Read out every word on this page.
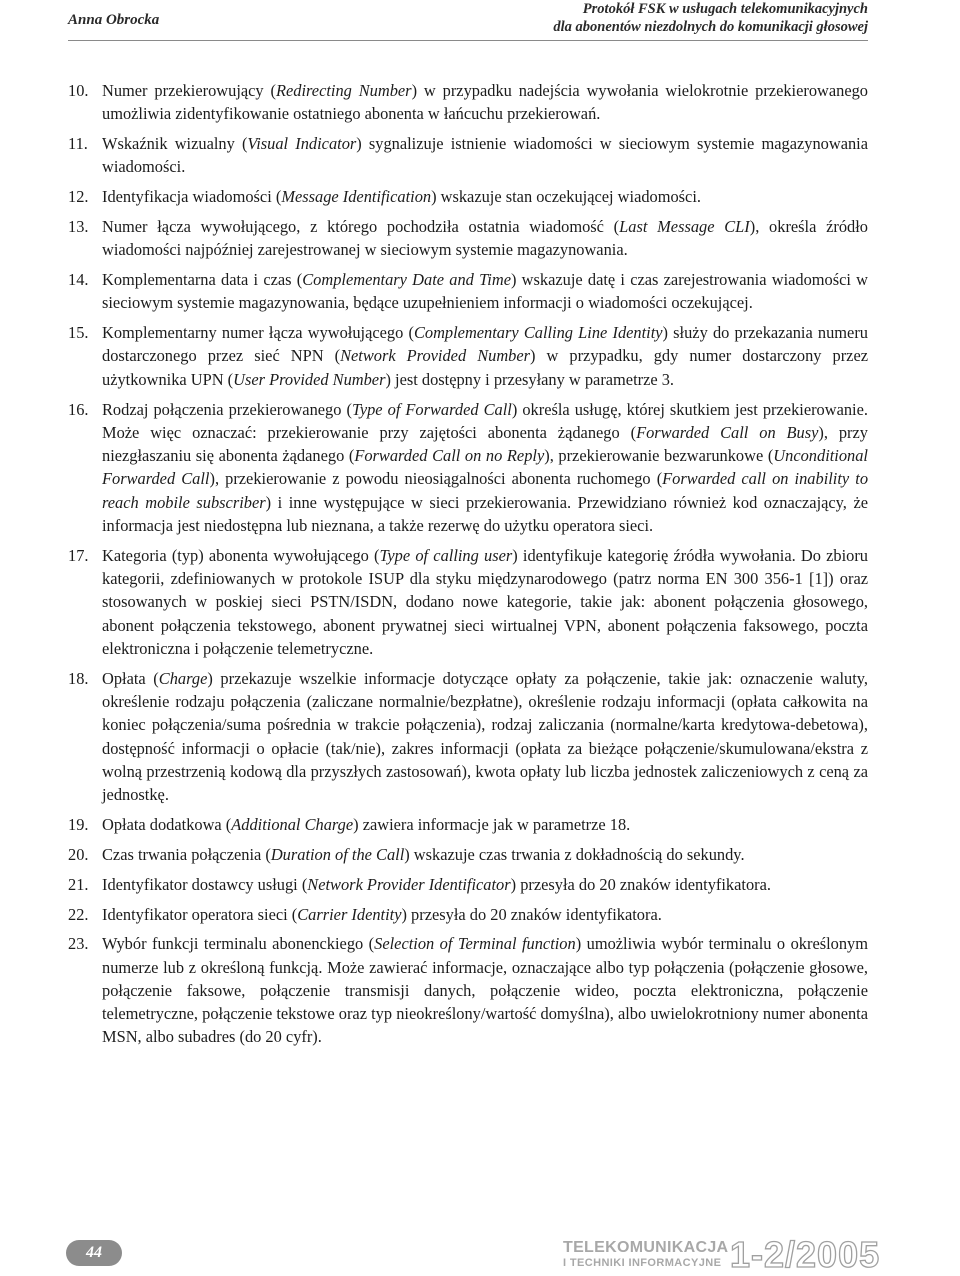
Anna Obrocka
Protokół FSK w usługach telekomunikacyjnych
dla abonentów niezdolnych do komunikacji głosowej
10. Numer przekierowujący (Redirecting Number) w przypadku nadejścia wywołania wielokrotnie przekierowanego umożliwia zidentyfikowanie ostatniego abonenta w łańcuchu przekierowań.
11. Wskaźnik wizualny (Visual Indicator) sygnalizuje istnienie wiadomości w sieciowym systemie magazynowania wiadomości.
12. Identyfikacja wiadomości (Message Identification) wskazuje stan oczekującej wiadomości.
13. Numer łącza wywołującego, z którego pochodziła ostatnia wiadomość (Last Message CLI), określa źródło wiadomości najpóźniej zarejestrowanej w sieciowym systemie magazynowania.
14. Komplementarna data i czas (Complementary Date and Time) wskazuje datę i czas zarejestrowania wiadomości w sieciowym systemie magazynowania, będące uzupełnieniem informacji o wiadomości oczekującej.
15. Komplementarny numer łącza wywołującego (Complementary Calling Line Identity) służy do przekazania numeru dostarczonego przez sieć NPN (Network Provided Number) w przypadku, gdy numer dostarczony przez użytkownika UPN (User Provided Number) jest dostępny i przesyłany w parametrze 3.
16. Rodzaj połączenia przekierowanego (Type of Forwarded Call) określa usługę, której skutkiem jest przekierowanie. Może więc oznaczać: przekierowanie przy zajętości abonenta żądanego (Forwarded Call on Busy), przy niezgłaszaniu się abonenta żądanego (Forwarded Call on no Reply), przekierowanie bezwarunkowe (Unconditional Forwarded Call), przekierowanie z powodu nieosiągalności abonenta ruchomego (Forwarded call on inability to reach mobile subscriber) i inne występujące w sieci przekierowania. Przewidziano również kod oznaczający, że informacja jest niedostępna lub nieznana, a także rezerwę do użytku operatora sieci.
17. Kategoria (typ) abonenta wywołującego (Type of calling user) identyfikuje kategorię źródła wywołania. Do zbioru kategorii, zdefiniowanych w protokole ISUP dla styku międzynarodowego (patrz norma EN 300 356-1 [1]) oraz stosowanych w poskiej sieci PSTN/ISDN, dodano nowe kategorie, takie jak: abonent połączenia głosowego, abonent połączenia tekstowego, abonent prywatnej sieci wirtualnej VPN, abonent połączenia faksowego, poczta elektroniczna i połączenie telemetryczne.
18. Opłata (Charge) przekazuje wszelkie informacje dotyczące opłaty za połączenie, takie jak: oznaczenie waluty, określenie rodzaju połączenia (zaliczane normalnie/bezpłatne), określenie rodzaju informacji (opłata całkowita na koniec połączenia/suma pośrednia w trakcie połączenia), rodzaj zaliczania (normalne/karta kredytowa-debetowa), dostępność informacji o opłacie (tak/nie), zakres informacji (opłata za bieżące połączenie/skumulowana/ekstra z wolną przestrzenią kodową dla przyszłych zastosowań), kwota opłaty lub liczba jednostek zaliczeniowych z ceną za jednostkę.
19. Opłata dodatkowa (Additional Charge) zawiera informacje jak w parametrze 18.
20. Czas trwania połączenia (Duration of the Call) wskazuje czas trwania z dokładnością do sekundy.
21. Identyfikator dostawcy usługi (Network Provider Identificator) przesyła do 20 znaków identyfikatora.
22. Identyfikator operatora sieci (Carrier Identity) przesyła do 20 znaków identyfikatora.
23. Wybór funkcji terminalu abonenckiego (Selection of Terminal function) umożliwia wybór terminalu o określonym numerze lub z określoną funkcją. Może zawierać informacje, oznaczające albo typ połączenia (połączenie głosowe, połączenie faksowe, połączenie transmisji danych, połączenie wideo, poczta elektroniczna, połączenie telemetryczne, połączenie tekstowe oraz typ nieokreślony/wartość domyślna), albo uwielokrotniony numer abonenta MSN, albo subadres (do 20 cyfr).
44	TELEKOMUNIKACJA
I TECHNIKI INFORMACYJNE 1-2/2005
